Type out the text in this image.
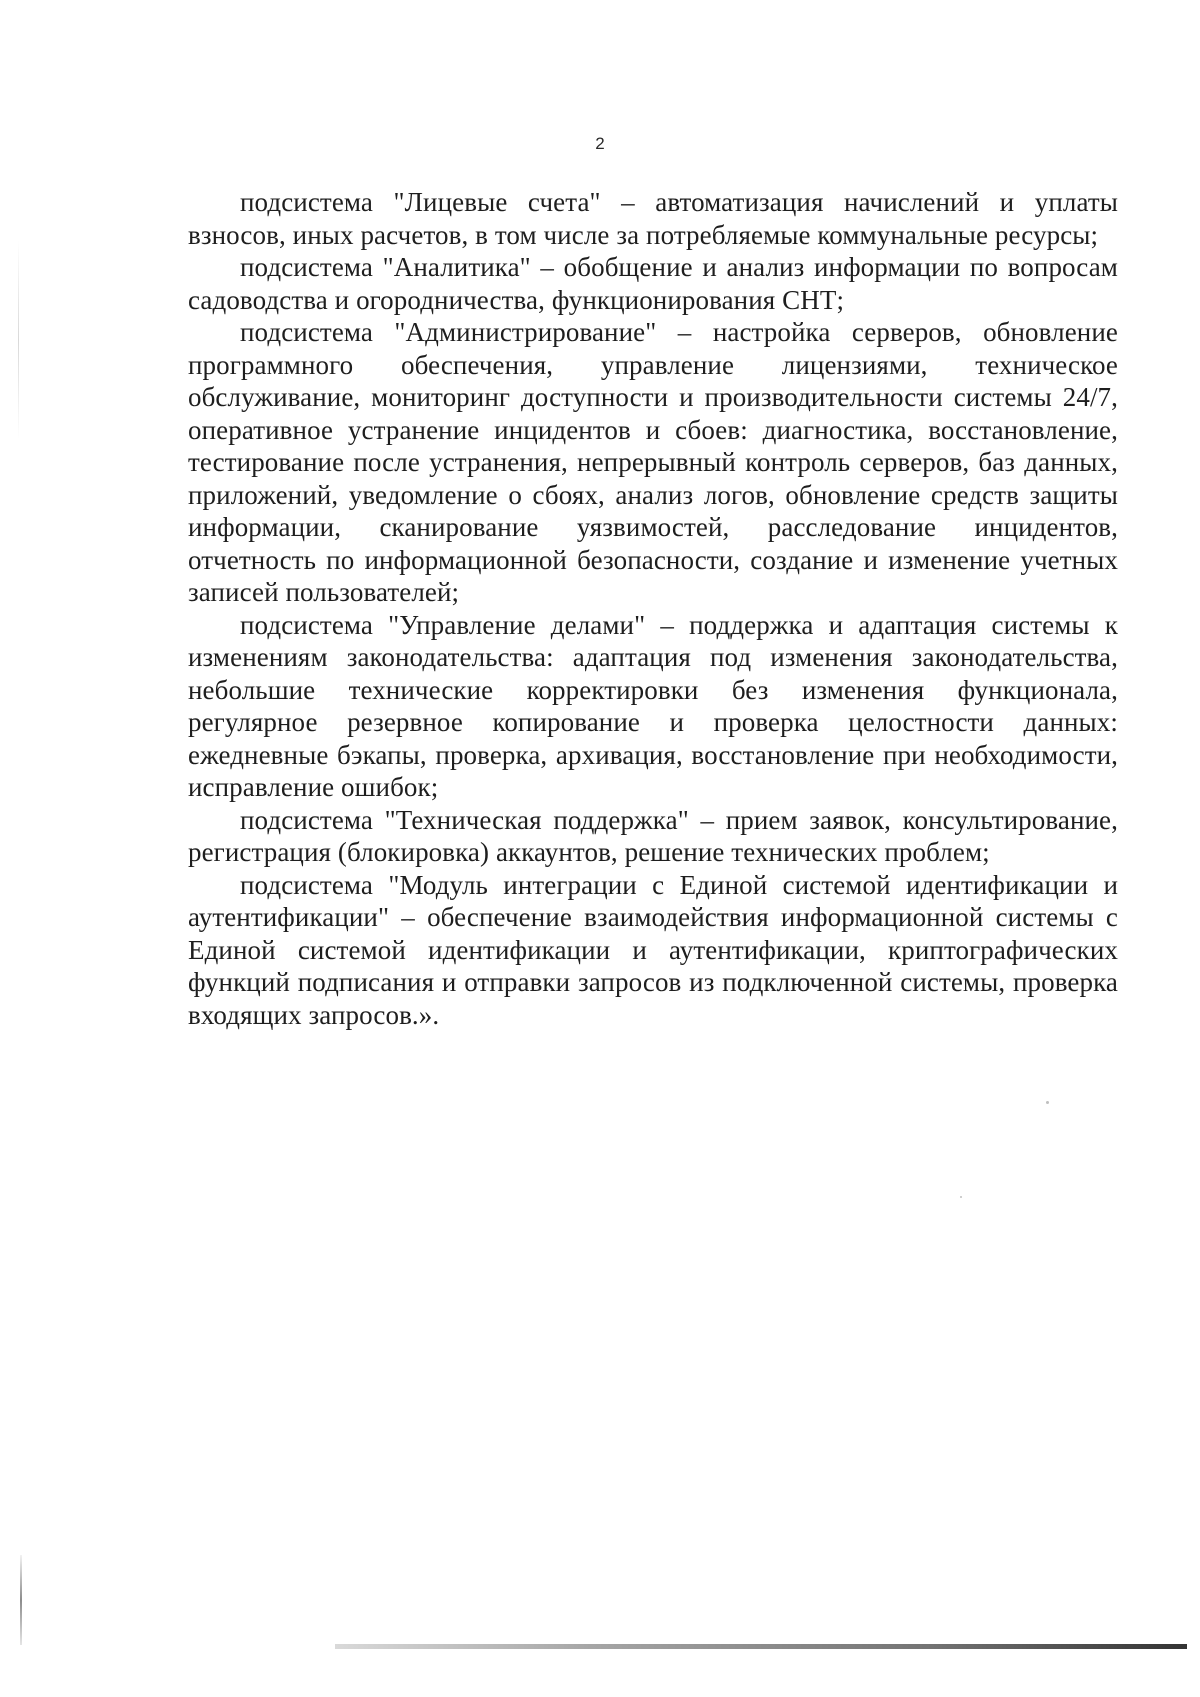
2

подсистема "Лицевые счета" – автоматизация начислений и уплаты взносов, иных расчетов, в том числе за потребляемые коммунальные ресурсы;

подсистема "Аналитика" – обобщение и анализ информации по вопросам садоводства и огородничества, функционирования СНТ;

подсистема "Администрирование" – настройка серверов, обновление программного обеспечения, управление лицензиями, техническое обслуживание, мониторинг доступности и производительности системы 24/7, оперативное устранение инцидентов и сбоев: диагностика, восстановление, тестирование после устранения, непрерывный контроль серверов, баз данных, приложений, уведомление о сбоях, анализ логов, обновление средств защиты информации, сканирование уязвимостей, расследование инцидентов, отчетность по информационной безопасности, создание и изменение учетных записей пользователей;

подсистема "Управление делами" – поддержка и адаптация системы к изменениям законодательства: адаптация под изменения законодательства, небольшие технические корректировки без изменения функционала, регулярное резервное копирование и проверка целостности данных: ежедневные бэкапы, проверка, архивация, восстановление при необходимости, исправление ошибок;

подсистема "Техническая поддержка" – прием заявок, консультирование, регистрация (блокировка) аккаунтов, решение технических проблем;

подсистема "Модуль интеграции с Единой системой идентификации и аутентификации" – обеспечение взаимодействия информационной системы с Единой системой идентификации и аутентификации, криптографических функций подписания и отправки запросов из подключенной системы, проверка входящих запросов.».
